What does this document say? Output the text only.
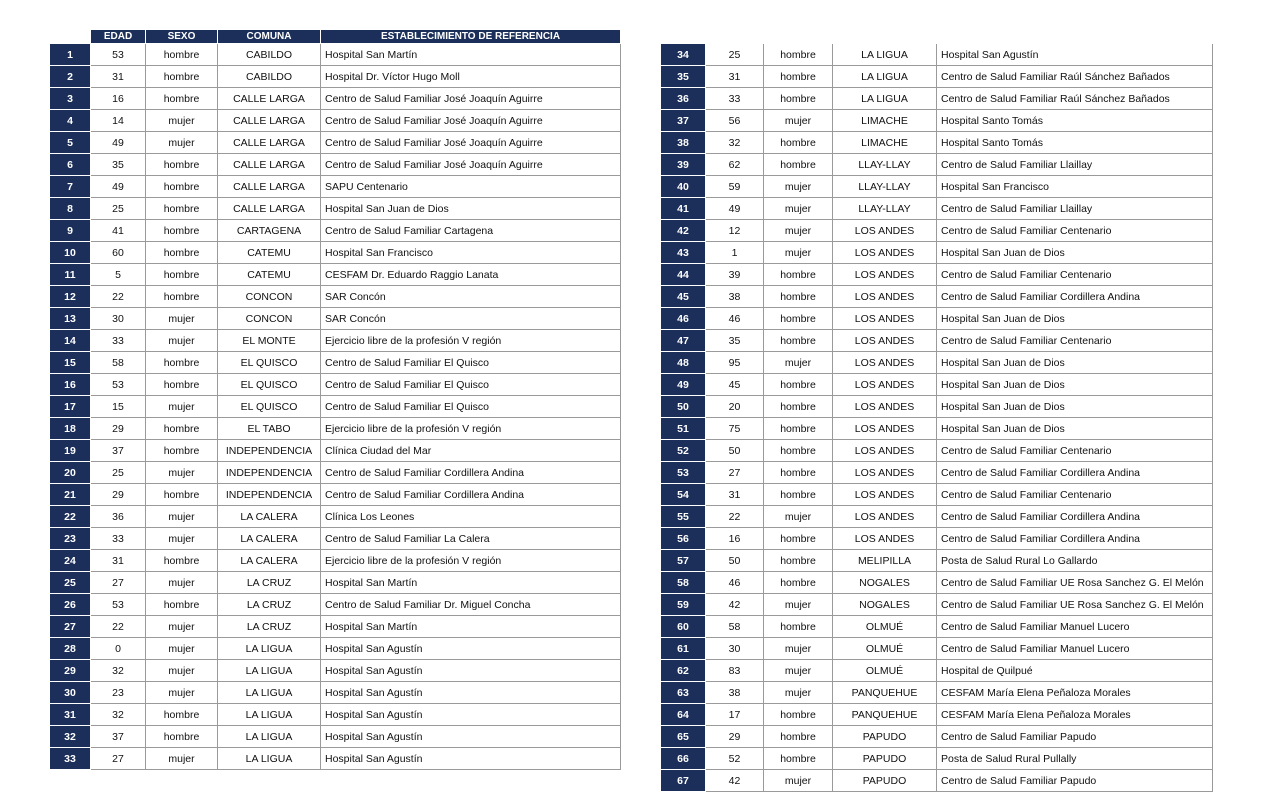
	EDAD	SEXO	COMUNA	ESTABLECIMIENTO DE REFERENCIA
1	53	hombre	CABILDO	Hospital San Martín
2	31	hombre	CABILDO	Hospital Dr. Víctor Hugo Moll
3	16	hombre	CALLE LARGA	Centro de Salud Familiar José Joaquín Aguirre
4	14	mujer	CALLE LARGA	Centro de Salud Familiar José Joaquín Aguirre
5	49	mujer	CALLE LARGA	Centro de Salud Familiar José Joaquín Aguirre
6	35	hombre	CALLE LARGA	Centro de Salud Familiar José Joaquín Aguirre
7	49	hombre	CALLE LARGA	SAPU Centenario
8	25	hombre	CALLE LARGA	Hospital San Juan de Dios
9	41	hombre	CARTAGENA	Centro de Salud Familiar Cartagena
10	60	hombre	CATEMU	Hospital San Francisco
11	5	hombre	CATEMU	CESFAM Dr. Eduardo Raggio Lanata
12	22	hombre	CONCON	SAR Concón
13	30	mujer	CONCON	SAR Concón
14	33	mujer	EL MONTE	Ejercicio libre de la profesión V región
15	58	hombre	EL QUISCO	Centro de Salud Familiar El Quisco
16	53	hombre	EL QUISCO	Centro de Salud Familiar El Quisco
17	15	mujer	EL QUISCO	Centro de Salud Familiar El Quisco
18	29	hombre	EL TABO	Ejercicio libre de la profesión V región
19	37	hombre	INDEPENDENCIA	Clínica Ciudad del Mar
20	25	mujer	INDEPENDENCIA	Centro de Salud Familiar Cordillera Andina
21	29	hombre	INDEPENDENCIA	Centro de Salud Familiar Cordillera Andina
22	36	mujer	LA CALERA	Clínica Los Leones
23	33	mujer	LA CALERA	Centro de Salud Familiar La Calera
24	31	hombre	LA CALERA	Ejercicio libre de la profesión V región
25	27	mujer	LA CRUZ	Hospital San Martín
26	53	hombre	LA CRUZ	Centro de Salud Familiar Dr. Miguel Concha
27	22	mujer	LA CRUZ	Hospital San Martín
28	0	mujer	LA LIGUA	Hospital San Agustín
29	32	mujer	LA LIGUA	Hospital San Agustín
30	23	mujer	LA LIGUA	Hospital San Agustín
31	32	hombre	LA LIGUA	Hospital San Agustín
32	37	hombre	LA LIGUA	Hospital San Agustín
33	27	mujer	LA LIGUA	Hospital San Agustín
34	25	hombre	LA LIGUA	Hospital San Agustín
35	31	hombre	LA LIGUA	Centro de Salud Familiar Raúl Sánchez Bañados
36	33	hombre	LA LIGUA	Centro de Salud Familiar Raúl Sánchez Bañados
37	56	mujer	LIMACHE	Hospital Santo Tomás
38	32	hombre	LIMACHE	Hospital Santo Tomás
39	62	hombre	LLAY-LLAY	Centro de Salud Familiar Llaillay
40	59	mujer	LLAY-LLAY	Hospital San Francisco
41	49	mujer	LLAY-LLAY	Centro de Salud Familiar Llaillay
42	12	mujer	LOS ANDES	Centro de Salud Familiar Centenario
43	1	mujer	LOS ANDES	Hospital San Juan de Dios
44	39	hombre	LOS ANDES	Centro de Salud Familiar Centenario
45	38	hombre	LOS ANDES	Centro de Salud Familiar Cordillera Andina
46	46	hombre	LOS ANDES	Hospital San Juan de Dios
47	35	hombre	LOS ANDES	Centro de Salud Familiar Centenario
48	95	mujer	LOS ANDES	Hospital San Juan de Dios
49	45	hombre	LOS ANDES	Hospital San Juan de Dios
50	20	hombre	LOS ANDES	Hospital San Juan de Dios
51	75	hombre	LOS ANDES	Hospital San Juan de Dios
52	50	hombre	LOS ANDES	Centro de Salud Familiar Centenario
53	27	hombre	LOS ANDES	Centro de Salud Familiar Cordillera Andina
54	31	hombre	LOS ANDES	Centro de Salud Familiar Centenario
55	22	mujer	LOS ANDES	Centro de Salud Familiar Cordillera Andina
56	16	hombre	LOS ANDES	Centro de Salud Familiar Cordillera Andina
57	50	hombre	MELIPILLA	Posta de Salud Rural Lo Gallardo
58	46	hombre	NOGALES	Centro de Salud Familiar UE Rosa Sanchez G. El Melón
59	42	mujer	NOGALES	Centro de Salud Familiar UE Rosa Sanchez G. El Melón
60	58	hombre	OLMUÉ	Centro de Salud Familiar Manuel Lucero
61	30	mujer	OLMUÉ	Centro de Salud Familiar Manuel Lucero
62	83	mujer	OLMUÉ	Hospital de Quilpué
63	38	mujer	PANQUEHUE	CESFAM María Elena Peñaloza Morales
64	17	hombre	PANQUEHUE	CESFAM María Elena Peñaloza Morales
65	29	hombre	PAPUDO	Centro de Salud Familiar Papudo
66	52	hombre	PAPUDO	Posta de Salud Rural Pullally
67	42	mujer	PAPUDO	Centro de Salud Familiar Papudo
